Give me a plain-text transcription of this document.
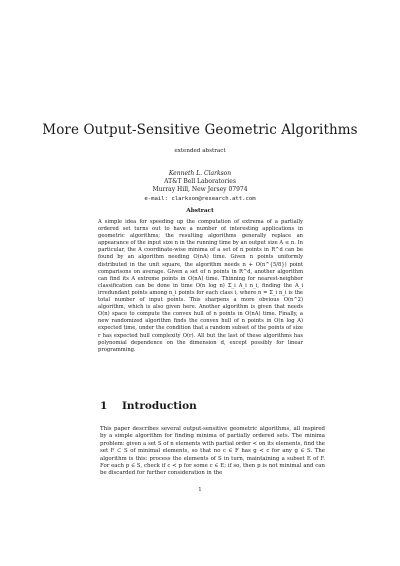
More Output-Sensitive Geometric Algorithms
extended abstract
Kenneth L. Clarkson
AT&T Bell Laboratories
Murray Hill, New Jersey 07974
e-mail: clarkson@research.att.com
Abstract
A simple idea for speeding up the computation of extrema of a partially ordered set turns out to have a number of interesting applications in geometric algorithms; the resulting algorithms generally replace an appearance of the input size n in the running time by an output size A ≤ n. In particular, the A coordinate-wise minima of a set of n points in R^d can be found by an algorithm needing O(nA) time. Given n points uniformly distributed in the unit square, the algorithm needs n + O(n^{5/8}) point comparisons on average. Given a set of n points in R^d, another algorithm can find its A extreme points in O(nA) time. Thinning for nearest-neighbor classification can be done in time O(n log n) Σ_i A_i n_i, finding the A_i irredundant points among n_i points for each class i, where n = Σ_i n_i is the total number of input points. This sharpens a more obvious O(n^2) algorithm, which is also given here. Another algorithm is given that needs O(n) space to compute the convex hull of n points in O(nA) time. Finally, a new randomized algorithm finds the convex hull of n points in O(n log A) expected time, under the condition that a random subset of the points of size r has expected hull complexity O(r). All but the last of these algorithms has polynomial dependence on the dimension d, except possibly for linear programming.
1 Introduction
This paper describes several output-sensitive geometric algorithms, all inspired by a simple algorithm for finding minima of partially ordered sets. The minima problem: given a set S of n elements with partial order ≺ on its elements, find the set F ⊂ S of minimal elements, so that no c ∈ F has g ≺ c for any g ∈ S. The algorithm is this: process the elements of S in turn, maintaining a subset E of F. For each p ∈ S, check if c ≺ p for some c ∈ E; if so, then p is not minimal and can be discarded for further consideration in the
1
